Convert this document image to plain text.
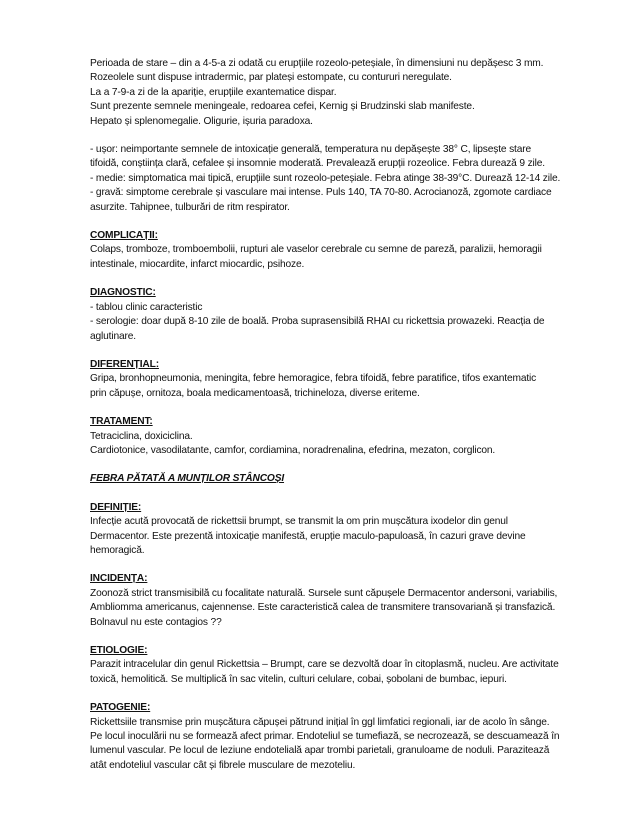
Perioada de stare – din a 4-5-a zi odată cu erupțiile rozeolo-peteșiale, în dimensiuni nu depășesc 3 mm.
Rozeolele sunt dispuse intradermic, par plateși estompate, cu contururi neregulate.
La a 7-9-a zi de la apariție, erupțiile exantematice dispar.
Sunt prezente semnele meningeale, redoarea cefei, Kernig și Brudzinski slab manifeste.
Hepato și splenomegalie. Oligurie, ișuria paradoxa.
- ușor: neimportante semnele de intoxicație generală, temperatura nu depășește 38° C, lipsește stare
tifoidă, conștiința clară, cefalee și insomnie moderată. Prevalează erupții rozeolice. Febra durează 9 zile.
- medie: simptomatica mai tipică, erupțiile sunt rozeolo-peteșiale. Febra atinge 38-39°C. Durează 12-14 zile.
- gravă: simptome cerebrale și vasculare mai intense. Puls 140, TA 70-80. Acrocianoză, zgomote cardiace
asurzite. Tahipnee, tulburări de ritm respirator.
COMPLICAȚII:
Colaps, tromboze, tromboembolii, rupturi ale vaselor cerebrale cu semne de pareză, paralizii, hemoragii
intestinale, miocardite, infarct miocardic, psihoze.
DIAGNOSTIC:
- tablou clinic caracteristic
- serologie: doar după 8-10 zile de boală. Proba suprasensibilă RHAI cu rickettsia prowazeki. Reacția de
aglutinare.
DIFERENȚIAL:
Gripa, bronhopneumonia, meningita, febre hemoragice, febra tifoidă, febre paratifice, tifos exantematic
prin căpușe, ornitoza, boala medicamentoasă, trichineloza, diverse eriteme.
TRATAMENT:
Tetraciclina, doxiciclina.
Cardiotonice, vasodilatante, camfor, cordiamina, noradrenalina, efedrina, mezaton, corglicon.
FEBRA PĂTATĂ A MUNȚILOR STÂNCOȘI
DEFINIȚIE:
Infecție acută provocată de rickettsii brumpt, se transmit la om prin mușcătura ixodelor din genul
Dermacentor. Este prezentă intoxicație manifestă, erupție maculo-papuloasă, în cazuri grave devine
hemoragică.
INCIDENȚA:
Zoonoză strict transmisibilă cu focalitate naturală. Sursele sunt căpușele Dermacentor andersoni, variabilis,
Ambliomma americanus, cajennense. Este caracteristică calea de transmitere transovariană și transfazică.
Bolnavul nu este contagios ??
ETIOLOGIE:
Parazit intracelular din genul Rickettsia – Brumpt, care se dezvoltă doar în citoplasmă, nucleu. Are activitate
toxică, hemolitică. Se multiplică în sac vitelin, culturi celulare, cobai, șobolani de bumbac, iepuri.
PATOGENIE:
Rickettsiile transmise prin mușcătura căpușei pătrund inițial în ggl limfatici regionali, iar de acolo în sânge.
Pe locul inoculării nu se formează afect primar. Endoteliul se tumefiază, se necrozează, se descuamează în
lumenul vascular. Pe locul de leziune endotelială apar trombi parietali, granuloame de noduli. Parazitează
atât endoteliul vascular cât și fibrele musculare de mezoteliu.
